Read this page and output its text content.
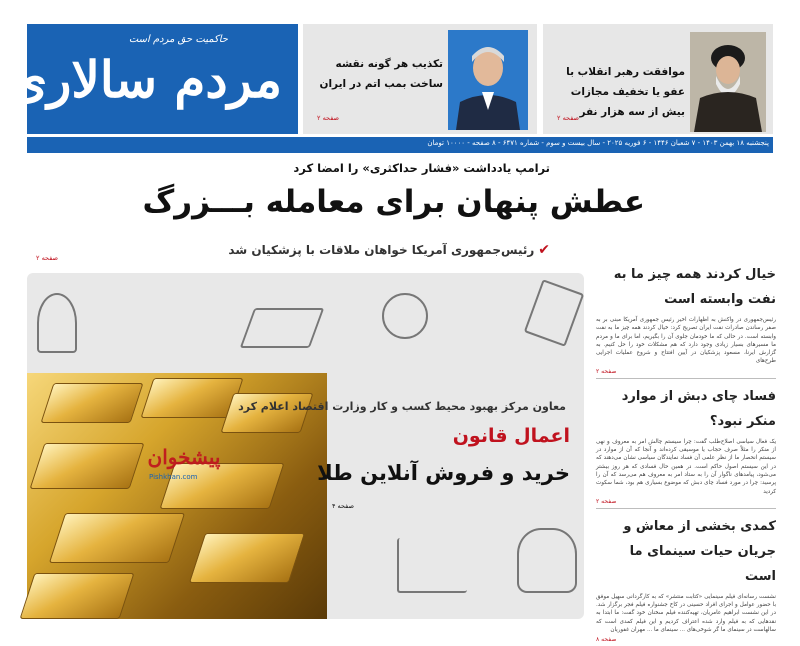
حاکمیت حق مردم است
مردم سالاری	تکذیب هر گونه نقشه ساخت بمب اتم در ایران
صفحه ۲
موافقت رهبر انقلاب با عفو یا تخفیف مجازات بیش از سه هزار نفر
صفحه ۲
پنجشنبه ۱۸ بهمن ۱۴۰۳ - ۷ شعبان ۱۴۴۶ - ۶ فوریه ۲۰۲۵ - سال بیست و سوم - شماره ۶۴۷۱ - ۸ صفحه - ۱۰۰۰۰ تومان
ترامپ یادداشت «فشار حداکثری» را امضا کرد
عطش پنهان برای معامله بـــزرگ
✔رئیس‌جمهوری آمریکا خواهان ملاقات با پزشکیان شد
صفحه ۲
پیشخوان
Pishkhan.com
معاون مرکز بهبود محیط کسب و کار وزارت اقتصاد اعلام کرد
اعمال قانون
خرید و فروش آنلاین طلا
صفحه ۴
خیال کردند همه چیز ما به نفت وابسته است
رئیس‌جمهوری در واکنش به اظهارات اخیر رئیس جمهوری آمریکا مبنی بر به صفر رساندن صادرات نفت ایران تصریح کرد: خیال کردند همه چیز ما به نفت وابسته است. در حالی که ما خودمان جلوی آن را بگیریم، اما برای ما و مردم ما مسیرهای بسیار زیادی وجود دارد که هم مشکلات خود را حل کنیم. به گزارش ایرنا، مسعود پزشکیان در آیین افتتاح و شروع عملیات اجرایی طرح‌های
صفحه ۲
فساد چای دبش از موارد منکر نبود؟
یک فعال سیاسی اصلاح‌طلب گفت: چرا سیستم چالش امر به معروف و نهی از منکر را مثلاً صرف حجاب یا موسیقی کرده‌اند و آنجا که آن از موارد در سیستم انحصار ما از نظر علمی آن فساد نمایندگان سیاسی نشان می‌دهند که در این سیستم اصول حاکم است. در همین حال فسادی که هر روز بیشتر می‌شود، پیامدهای ناگوار آن را به ستاد امر به معروف هم می‌رسد که آن را پرسید: چرا در مورد فساد چای دبش که موضوع بسیاری هم بود، شما سکوت کردید
صفحه ۲
کمدی بخشی از معاش و جریان حیات سینمای ما است
نشست رسانه‌ای فیلم سینمایی «کتابت منتشر» که به کارگردانی سهیل موفق با حضور عوامل و اجرای افراد حسینی در کاخ جشنواره فیلم فجر برگزار شد. در این نشست ابراهیم عامریان، تهیه‌کننده فیلم سخنان خود گفت: ما ابتدا به نقدهایی که به فیلم وارد شده اعتراف کردیم و این فیلم کمدی است که سالهاست در سینمای ما گر شوخی‌های ... سینمای ما ... مهران غفوریان
صفحه ۸
